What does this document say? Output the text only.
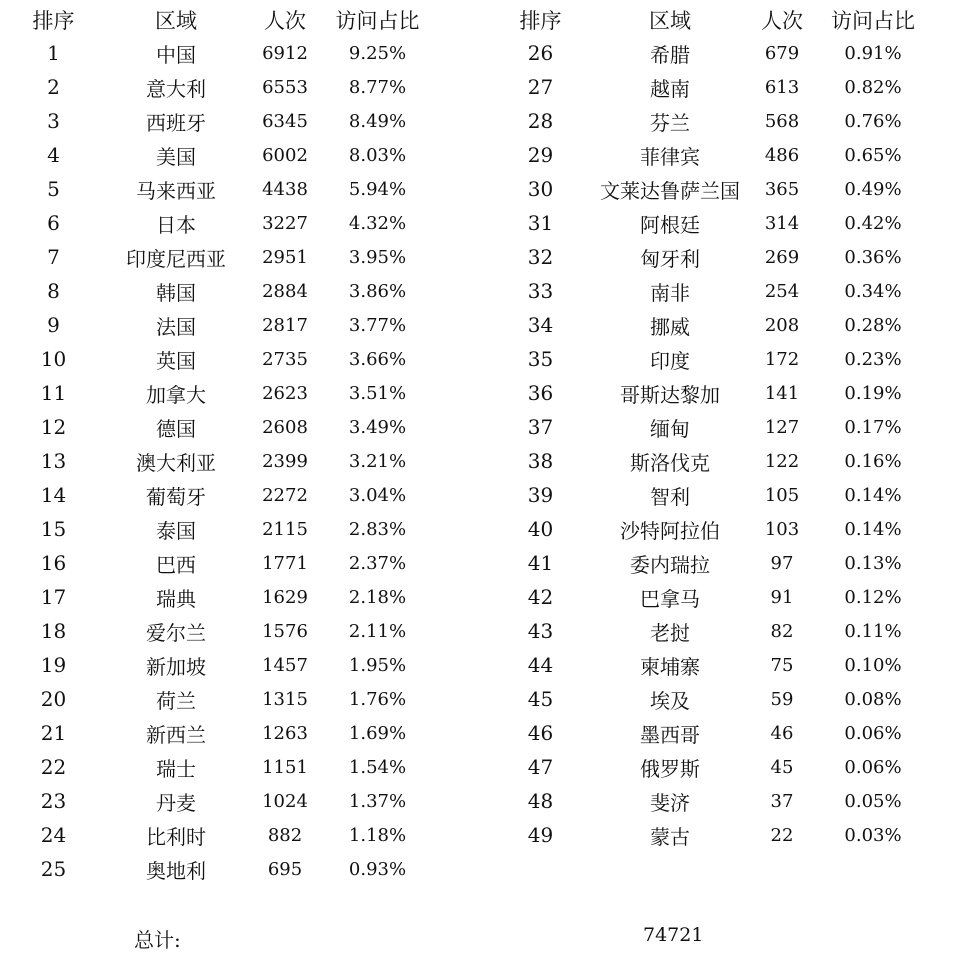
排序	区域	人次	访问占比
1	中国	6912	9.25%
2	意大利	6553	8.77%
3	西班牙	6345	8.49%
4	美国	6002	8.03%
5	马来西亚	4438	5.94%
6	日本	3227	4.32%
7	印度尼西亚	2951	3.95%
8	韩国	2884	3.86%
9	法国	2817	3.77%
10	英国	2735	3.66%
11	加拿大	2623	3.51%
12	德国	2608	3.49%
13	澳大利亚	2399	3.21%
14	葡萄牙	2272	3.04%
15	泰国	2115	2.83%
16	巴西	1771	2.37%
17	瑞典	1629	2.18%
18	爱尔兰	1576	2.11%
19	新加坡	1457	1.95%
20	荷兰	1315	1.76%
21	新西兰	1263	1.69%
22	瑞士	1151	1.54%
23	丹麦	1024	1.37%
24	比利时	882	1.18%
25	奥地利	695	0.93%
排序	区域	人次	访问占比
26	希腊	679	0.91%
27	越南	613	0.82%
28	芬兰	568	0.76%
29	菲律宾	486	0.65%
30	文莱达鲁萨兰国	365	0.49%
31	阿根廷	314	0.42%
32	匈牙利	269	0.36%
33	南非	254	0.34%
34	挪威	208	0.28%
35	印度	172	0.23%
36	哥斯达黎加	141	0.19%
37	缅甸	127	0.17%
38	斯洛伐克	122	0.16%
39	智利	105	0.14%
40	沙特阿拉伯	103	0.14%
41	委内瑞拉	97	0.13%
42	巴拿马	91	0.12%
43	老挝	82	0.11%
44	柬埔寨	75	0.10%
45	埃及	59	0.08%
46	墨西哥	46	0.06%
47	俄罗斯	45	0.06%
48	斐济	37	0.05%
49	蒙古	22	0.03%
总计:	74721
